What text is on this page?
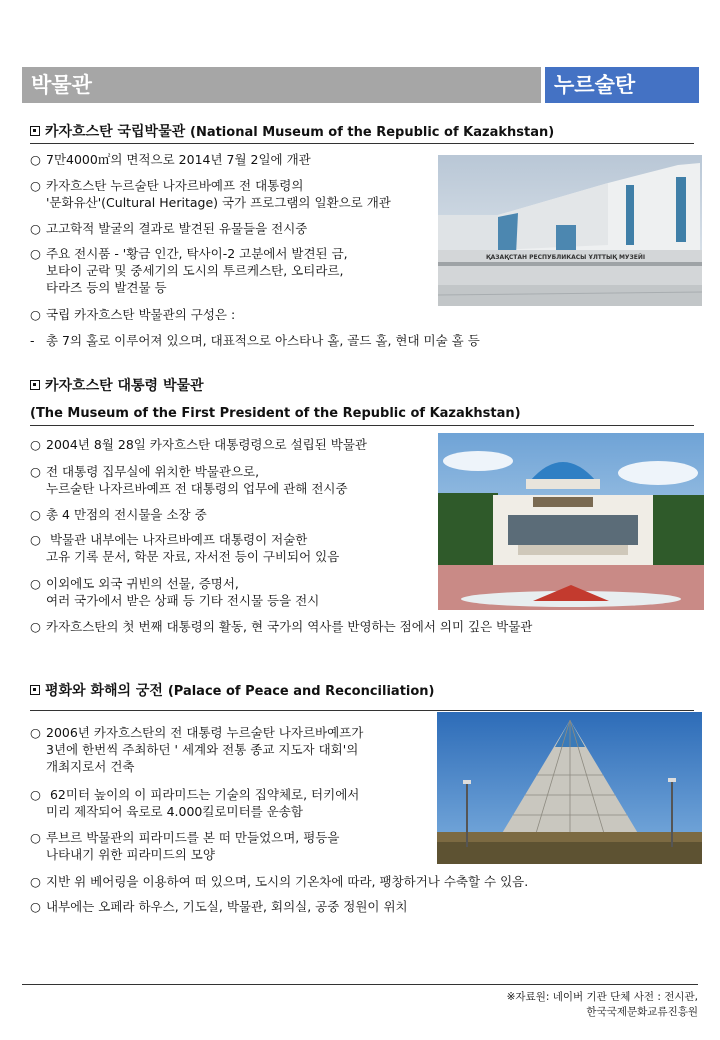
박물관	누르술탄
카자흐스탄 국립박물관 (National Museum of the Republic of Kazakhstan)
○ 7만4000㎡의 면적으로 2014년 7월 2일에 개관
○ 카자흐스탄 누르술탄 나자르바예프 전 대통령의
'문화유산'(Cultural Heritage) 국가 프로그램의 일환으로 개관
○ 고고학적 발굴의 결과로 발견된 유물들을 전시중
○ 주요 전시품 - '황금 인간, 탁사이-2 고분에서 발견된 금,
보타이 군락 및 중세기의 도시의 투르케스탄, 오티라르,
타라즈 등의 발견물 등
○ 국립 카자흐스탄 박물관의 구성은 :
- 총 7의 홀로 이루어져 있으며, 대표적으로 아스타나 홀, 골드 홀, 현대 미술 홀 등
ҚАЗАҚСТАН РЕСПУБЛИКАСЫ ҰЛТТЫҚ МУЗЕЙІ
카자흐스탄 대통령 박물관
(The Museum of the First President of the Republic of Kazakhstan)
○ 2004년 8월 28일 카자흐스탄 대통령령으로 설립된 박물관
○ 전 대통령 집무실에 위치한 박물관으로,
누르술탄 나자르바예프 전 대통령의 업무에 관해 전시중
○ 총 4 만점의 전시물을 소장 중
○ 박물관 내부에는 나자르바예프 대통령이 저술한
고유 기록 문서, 학문 자료, 자서전 등이 구비되어 있음
○ 이외에도 외국 귀빈의 선물, 증명서,
여러 국가에서 받은 상패 등 기타 전시물 등을 전시
○ 카자흐스탄의 첫 번째 대통령의 활동, 현 국가의 역사를 반영하는 점에서 의미 깊은 박물관
평화와 화해의 궁전 (Palace of Peace and Reconciliation)
○ 2006년 카자흐스탄의 전 대통령 누르술탄 나자르바예프가
3년에 한번씩 주최하던 ' 세계와 전통 종교 지도자 대회'의
개최지로서 건축
○ 62미터 높이의 이 피라미드는 기술의 집약체로, 터키에서
미리 제작되어 육로로 4.000킬로미터를 운송함
○ 루브르 박물관의 피라미드를 본 떠 만들었으며, 평등을
나타내기 위한 피라미드의 모양
○ 지반 위 베어링을 이용하여 떠 있으며, 도시의 기온차에 따라, 팽창하거나 수축할 수 있음.
○ 내부에는 오페라 하우스, 기도실, 박물관, 회의실, 공중 정원이 위치
※자료원: 네이버 기관 단체 사전 : 전시관,
한국국제문화교류진흥원
